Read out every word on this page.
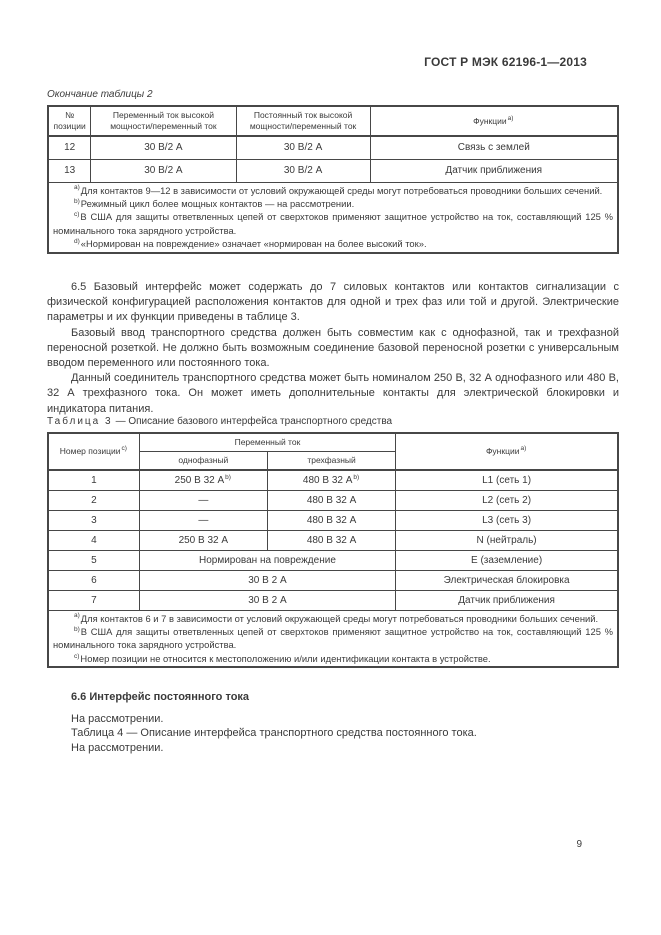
ГОСТ Р МЭК 62196-1—2013
Окончание таблицы 2
№ позиции	Переменный ток высокой мощности/переменный ток	Постоянный ток высокой мощности/переменный ток	Функции$^{a)}$
12	30 В/2 А	30 В/2 А	Связь с землей
13	30 В/2 А	30 В/2 А	Датчик приближения

$^{a)}$Для контактов 9—12 в зависимости от условий окружающей среды могут потребоваться проводники больших сечений.

$^{b)}$Режимный цикл более мощных контактов — на рассмотрении.

$^{c)}$В США для защиты ответвленных цепей от сверхтоков применяют защитное устройство на ток, составляющий 125 % номинального тока зарядного устройства.

$^{d)}$«Нормирован на повреждение» означает «нормирован на более высокий ток».			

6.5 Базовый интерфейс может содержать до 7 силовых контактов или контактов сигнализации с физической конфигурацией расположения контактов для одной и трех фаз или той и другой. Электрические параметры и их функции приведены в таблице 3.

Базовый ввод транспортного средства должен быть совместим как с однофазной, так и трехфазной переносной розеткой. Не должно быть возможным соединение базовой переносной розетки с универсальным вводом переменного или постоянного тока.

Данный соединитель транспортного средства может быть номиналом 250 В, 32 А однофазного или 480 В, 32 А трехфазного тока. Он может иметь дополнительные контакты для электрической блокировки и индикатора питания.

Таблица 3 — Описание базового интерфейса транспортного средства
Номер позиции$^{c)}$	Переменный ток		Функции$^{a)}$
	однофазный	трехфазный	
1	250 В 32 $А^{b)}$	480 В 32 $А^{b)}$	L1 (сеть 1)
2	—	480 В 32 А	L2 (сеть 2)
3	—	480 В 32 А	L3 (сеть 3)
4	250 В 32 А	480 В 32 А	N (нейтраль)
5	Нормирован на повреждение		Е (заземление)
6	30 В 2 А		Электрическая блокировка
7	30 В 2 А		Датчик приближения

$^{a)}$Для контактов 6 и 7 в зависимости от условий окружающей среды могут потребоваться проводники больших сечений.

$^{b)}$В США для защиты ответвленных цепей от сверхтоков применяют защитное устройство на ток, составляющий 125 % номинального тока зарядного устройства.

$^{c)}$Номер позиции не относится к местоположению и/или идентификации контакта в устройстве.			

6.6 Интерфейс постоянного тока

На рассмотрении.

Таблица 4 — Описание интерфейса транспортного средства постоянного тока.

На рассмотрении.

9
